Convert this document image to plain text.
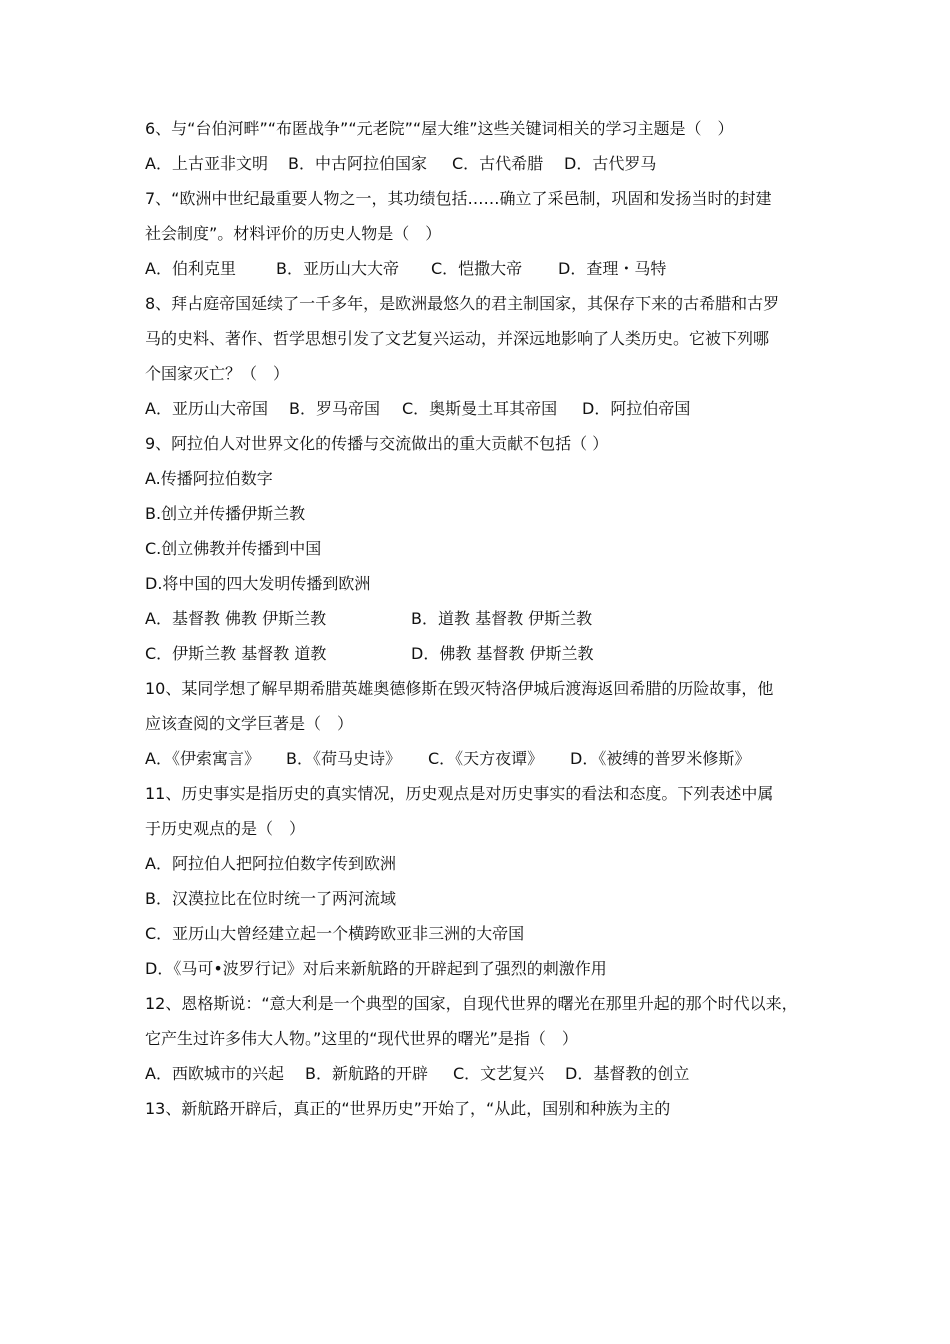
6、与“台伯河畔”“布匿战争”“元老院”“屋大维”这些关键词相关的学习主题是（　）
A．上古亚非文明	B．中古阿拉伯国家	C．古代希腊	D．古代罗马
7、“欧洲中世纪最重要人物之一，其功绩包括……确立了采邑制，巩固和发扬当时的封建
社会制度”。材料评价的历史人物是（　）
A．伯利克里	B．亚历山大大帝	C．恺撒大帝	D．查理・马特
8、拜占庭帝国延续了一千多年，是欧洲最悠久的君主制国家，其保存下来的古希腊和古罗
马的史料、著作、哲学思想引发了文艺复兴运动，并深远地影响了人类历史。它被下列哪
个国家灭亡？（　）
A．亚历山大帝国	B．罗马帝国	C．奥斯曼土耳其帝国	D．阿拉伯帝国
9、阿拉伯人对世界文化的传播与交流做出的重大贡献不包括（ ）
A.传播阿拉伯数字
B.创立并传播伊斯兰教
C.创立佛教并传播到中国
D.将中国的四大发明传播到欧洲
A．基督教 佛教 伊斯兰教	B．道教 基督教 伊斯兰教
C．伊斯兰教 基督教 道教	D．佛教 基督教 伊斯兰教
10、某同学想了解早期希腊英雄奥德修斯在毁灭特洛伊城后渡海返回希腊的历险故事，他
应该查阅的文学巨著是（　）
A．《伊索寓言》	B．《荷马史诗》	C．《天方夜谭》	D．《被缚的普罗米修斯》
11、历史事实是指历史的真实情况，历史观点是对历史事实的看法和态度。下列表述中属
于历史观点的是（　）
A．阿拉伯人把阿拉伯数字传到欧洲
B．汉漠拉比在位时统一了两河流域
C．亚历山大曾经建立起一个横跨欧亚非三洲的大帝国
D．《马可•波罗行记》对后来新航路的开辟起到了强烈的刺激作用
12、恩格斯说：“意大利是一个典型的国家，自现代世界的曙光在那里升起的那个时代以来，
它产生过许多伟大人物。”这里的“现代世界的曙光”是指（　）
A．西欧城市的兴起	B．新航路的开辟	C．文艺复兴	D．基督教的创立
13、新航路开辟后，真正的“世界历史”开始了，“从此，国别和种族为主的
